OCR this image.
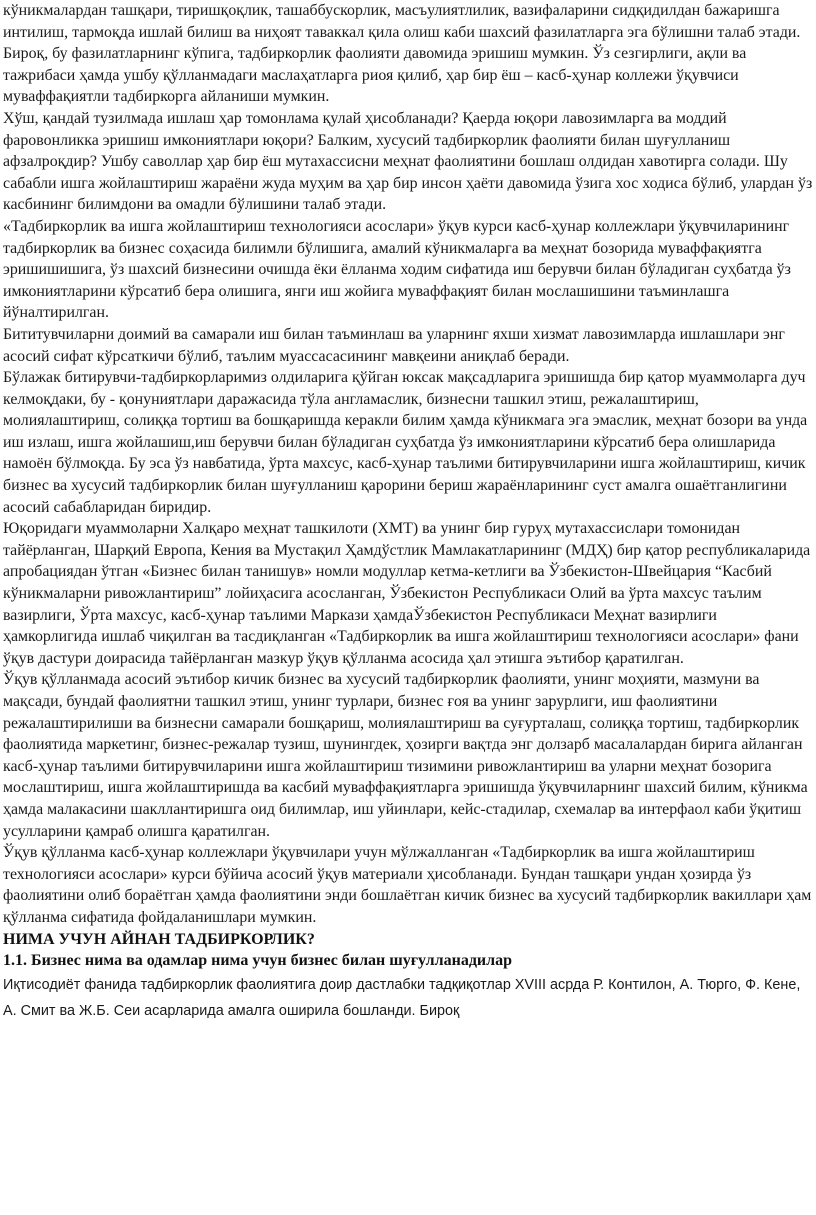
кўникмалардан ташқари, тиришқоқлик, ташаббускорлик, масъулиятлилик, вазифаларини сидқидилдан бажаришга интилиш, тармоқда ишлай билиш ва ниҳоят таваккал қила олиш каби шахсий фазилатларга эга бўлишни талаб этади. Бироқ, бу фазилатларнинг кўпига, тадбиркорлик фаолияти давомида эришиш мумкин. Ўз сезгирлиги, ақли ва тажрибаси ҳамда ушбу қўлланмадаги маслаҳатларга риоя қилиб, ҳар бир ёш – касб-ҳунар коллежи ўқувчиси муваффақиятли тадбиркорга айланиши мумкин.

Хўш, қандай тузилмада ишлаш ҳар томонлама қулай ҳисобланади? Қаерда юқори лавозимларга ва моддий фаровонликка эришиш имкониятлари юқори? Балким, хусусий тадбиркорлик фаолияти билан шуғулланиш афзалроқдир? Ушбу саволлар ҳар бир ёш мутахассисни меҳнат фаолиятини бошлаш олдидан хавотирга солади. Шу сабабли ишга жойлаштириш жараёни жуда муҳим ва ҳар бир инсон ҳаёти давомида ўзига хос ходиса бўлиб, улардан ўз касбининг билимдони ва омадли бўлишини талаб этади.

«Тадбиркорлик ва ишга жойлаштириш технологияси асослари» ўқув курси касб-ҳунар коллежлари ўқувчиларининг тадбиркорлик ва бизнес соҳасида билимли бўлишига, амалий кўникмаларга ва меҳнат бозорида муваффақиятга эришишишига, ўз шахсий бизнесини очишда ёки ёлланма ходим сифатида иш берувчи билан бўладиган суҳбатда ўз имкониятларини кўрсатиб бера олишига, янги иш жойига муваффақият билан мослашишини таъминлашга йўналтирилган.

Бититувчиларни доимий ва самарали иш билан таъминлаш ва уларнинг яхши хизмат лавозимларда ишлашлари энг асосий сифат кўрсаткичи бўлиб, таълим муассасасининг мавқеини аниқлаб беради.

Бўлажак битирувчи-тадбиркорларимиз олдиларига қўйган юксак мақсадларига эришишда бир қатор муаммоларга дуч келмоқдаки, бу - қонуниятлари даражасида тўла англамаслик, бизнесни ташкил этиш, режалаштириш, молиялаштириш, солиққа тортиш ва бошқаришда керакли билим ҳамда кўникмага эга эмаслик, меҳнат бозори ва унда иш излаш, ишга жойлашиш,иш берувчи билан бўладиган суҳбатда ўз имкониятларини кўрсатиб бера олишларида намоён бўлмоқда. Бу эса ўз навбатида, ўрта махсус, касб-ҳунар таълими битирувчиларини ишга жойлаштириш, кичик бизнес ва хусусий тадбиркорлик билан шуғулланиш қарорини бериш жараёнларининг суст амалга ошаётганлигини асосий сабабларидан биридир.

Юқоридаги муаммоларни Халқаро меҳнат ташкилоти (ХМТ) ва унинг бир гуруҳ мутахассислари томонидан тайёрланган, Шарқий Европа, Кения ва Мустақил Ҳамдўстлик Мамлакатларининг (МДҲ) бир қатор республикаларида апробациядан ўтган «Бизнес билан танишув» номли модуллар кетма-кетлиги ва Ўзбекистон-Швейцария “Касбий кўникмаларни ривожлантириш” лойиҳасига асосланган, Ўзбекистон Республикаси Олий ва ўрта махсус таълим вазирлиги, Ўрта махсус, касб-ҳунар таълими Маркази ҳамдаЎзбекистон Республикаси Меҳнат вазирлиги ҳамкорлигида ишлаб чиқилган ва тасдиқланган «Тадбиркорлик ва ишга жойлаштириш технологияси асослари» фани ўқув дастури доирасида тайёрланган мазкур ўқув қўлланма асосида ҳал этишга эътибор қаратилган.

Ўқув қўлланмада асосий эътибор кичик бизнес ва хусусий тадбиркорлик фаолияти, унинг моҳияти, мазмуни ва мақсади, бундай фаолиятни ташкил этиш, унинг турлари, бизнес ғоя ва унинг зарурлиги, иш фаолиятини режалаштирилиши ва бизнесни самарали бошқариш, молиялаштириш ва суғурталаш, солиққа тортиш, тадбиркорлик фаолиятида маркетинг, бизнес-режалар тузиш, шунингдек, ҳозирги вақтда энг долзарб масалалардан бирига айланган касб-ҳунар таълими битирувчиларини ишга жойлаштириш тизимини ривожлантириш ва уларни меҳнат бозорига мослаштириш, ишга жойлаштиришда ва касбий муваффақиятларга эришишда ўқувчиларнинг шахсий билим, кўникма ҳамда малакасини шакллантиришга оид билимлар, иш уйинлари, кейс-стадилар, схемалар ва интерфаол каби ўқитиш усулларини қамраб олишга қаратилган.

Ўқув қўлланма касб-ҳунар коллежлари ўқувчилари учун мўлжалланган «Тадбиркорлик ва ишга жойлаштириш технологияси асослари» курси бўйича асосий ўқув материали ҳисобланади. Бундан ташқари ундан ҳозирда ўз фаолиятини олиб бораётган ҳамда фаолиятини энди бошлаётган кичик бизнес ва хусусий тадбиркорлик вакиллари ҳам қўлланма сифатида фойдаланишлари мумкин.

НИМА УЧУН АЙНАН ТАДБИРКОРЛИК?

1.1. Бизнес нима ва одамлар нима учун бизнес билан шуғулланадилар

Иқтисодиёт фанида тадбиркорлик фаолиятига доир дастлабки тадқиқотлар XVIII асрда Р. Контилон, А. Тюрго, Ф. Кене, А. Смит ва Ж.Б. Сеи асарларида амалга оширила бошланди. Бироқ
